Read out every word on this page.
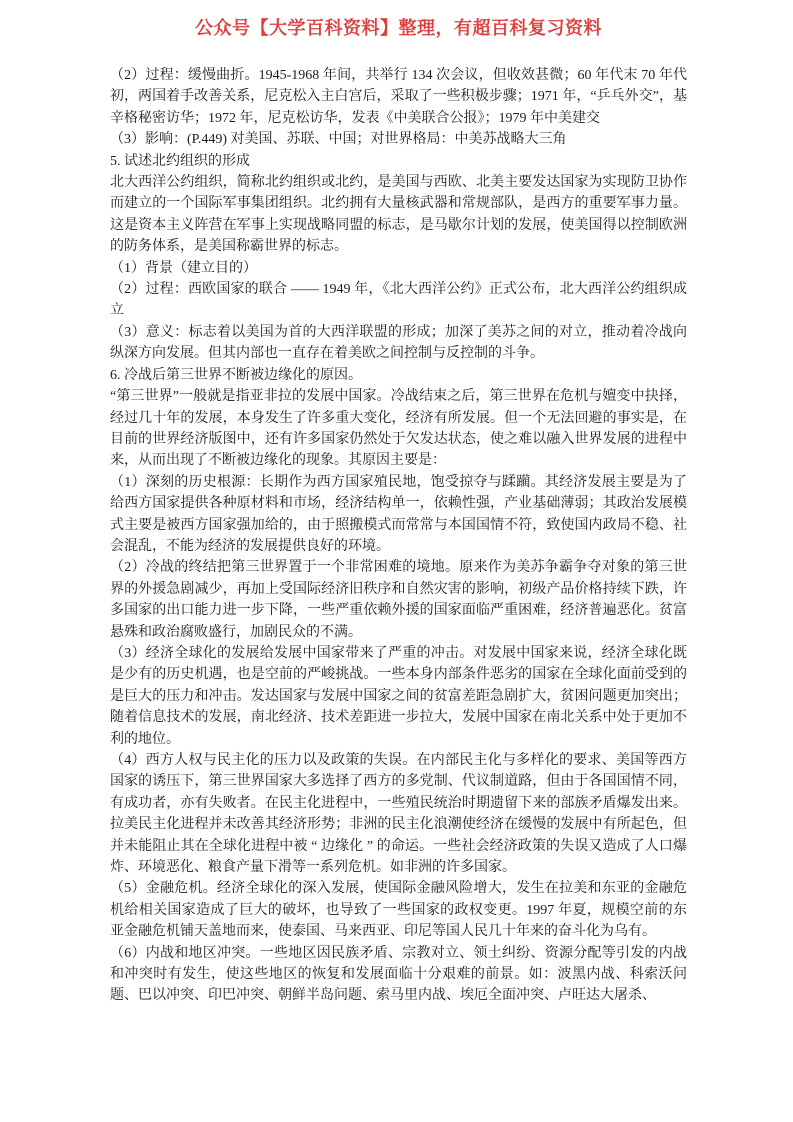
公众号【大学百科资料】整理，有超百科复习资料

（2）过程：缓慢曲折。1945-1968 年间，共举行 134 次会议，但收效甚微；60 年代末 70 年代初，两国着手改善关系，尼克松入主白宫后，采取了一些积极步骤；1971 年，“乒乓外交”，基辛格秘密访华；1972 年，尼克松访华，发表《中美联合公报》；1979 年中美建交

（3）影响：(P.449) 对美国、苏联、中国；对世界格局：中美苏战略大三角

5. 试述北约组织的形成

北大西洋公约组织，简称北约组织或北约，是美国与西欧、北美主要发达国家为实现防卫协作而建立的一个国际军事集团组织。北约拥有大量核武器和常规部队，是西方的重要军事力量。这是资本主义阵营在军事上实现战略同盟的标志，是马歇尔计划的发展，使美国得以控制欧洲的防务体系，是美国称霸世界的标志。

（1）背景（建立目的）

（2）过程：西欧国家的联合 —— 1949 年，《北大西洋公约》正式公布，北大西洋公约组织成立

（3）意义：标志着以美国为首的大西洋联盟的形成；加深了美苏之间的对立，推动着冷战向纵深方向发展。但其内部也一直存在着美欧之间控制与反控制的斗争。

6. 冷战后第三世界不断被边缘化的原因。

“第三世界”一般就是指亚非拉的发展中国家。冷战结束之后，第三世界在危机与嬗变中抉择，经过几十年的发展，本身发生了许多重大变化，经济有所发展。但一个无法回避的事实是，在目前的世界经济版图中，还有许多国家仍然处于欠发达状态，使之难以融入世界发展的进程中来，从而出现了不断被边缘化的现象。其原因主要是：

（1）深刻的历史根源：长期作为西方国家殖民地，饱受掠夺与蹂躏。其经济发展主要是为了给西方国家提供各种原材料和市场，经济结构单一，依赖性强，产业基础薄弱；其政治发展模式主要是被西方国家强加给的，由于照搬模式而常常与本国国情不符，致使国内政局不稳、社会混乱，不能为经济的发展提供良好的环境。

（2）冷战的终结把第三世界置于一个非常困难的境地。原来作为美苏争霸争夺对象的第三世界的外援急剧减少，再加上受国际经济旧秩序和自然灾害的影响，初级产品价格持续下跌，许多国家的出口能力进一步下降，一些严重依赖外援的国家面临严重困难，经济普遍恶化。贫富悬殊和政治腐败盛行，加剧民众的不满。

（3）经济全球化的发展给发展中国家带来了严重的冲击。对发展中国家来说，经济全球化既是少有的历史机遇，也是空前的严峻挑战。一些本身内部条件恶劣的国家在全球化面前受到的是巨大的压力和冲击。发达国家与发展中国家之间的贫富差距急剧扩大，贫困问题更加突出；随着信息技术的发展，南北经济、技术差距进一步拉大，发展中国家在南北关系中处于更加不利的地位。

（4）西方人权与民主化的压力以及政策的失误。在内部民主化与多样化的要求、美国等西方国家的诱压下，第三世界国家大多选择了西方的多党制、代议制道路，但由于各国国情不同，有成功者，亦有失败者。在民主化进程中，一些殖民统治时期遗留下来的部族矛盾爆发出来。拉美民主化进程并未改善其经济形势；非洲的民主化浪潮使经济在缓慢的发展中有所起色，但并未能阻止其在全球化进程中被 “ 边缘化 ” 的命运。一些社会经济政策的失误又造成了人口爆炸、环境恶化、粮食产量下滑等一系列危机。如非洲的许多国家。

（5）金融危机。经济全球化的深入发展，使国际金融风险增大，发生在拉美和东亚的金融危机给相关国家造成了巨大的破坏，也导致了一些国家的政权变更。1997 年夏，规模空前的东亚金融危机铺天盖地而来，使泰国、马来西亚、印尼等国人民几十年来的奋斗化为乌有。

（6）内战和地区冲突。一些地区因民族矛盾、宗教对立、领土纠纷、资源分配等引发的内战和冲突时有发生，使这些地区的恢复和发展面临十分艰难的前景。如：波黑内战、科索沃问题、巴以冲突、印巴冲突、朝鲜半岛问题、索马里内战、埃厄全面冲突、卢旺达大屠杀、
